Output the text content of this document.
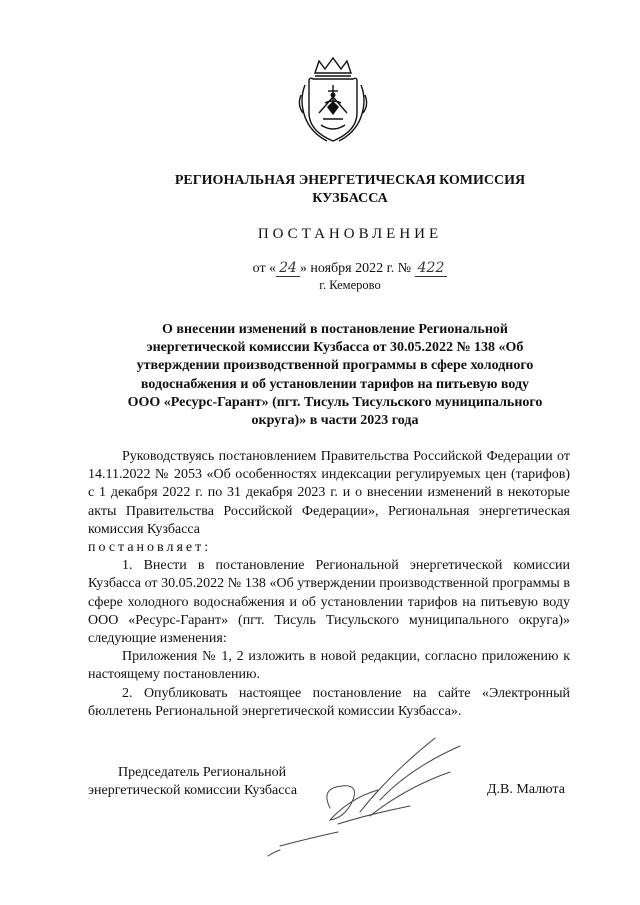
РЕГИОНАЛЬНАЯ ЭНЕРГЕТИЧЕСКАЯ КОМИССИЯ
КУЗБАССА
ПОСТАНОВЛЕНИЕ
от « 24 » ноября 2022 г. № 422
г. Кемерово
О внесении изменений в постановление Региональной
энергетической комиссии Кузбасса от 30.05.2022 № 138 «Об
утверждении производственной программы в сфере холодного
водоснабжения и об установлении тарифов на питьевую воду
ООО «Ресурс-Гарант» (пгт. Тисуль Тисульского муниципального
округа)» в части 2023 года

Руководствуясь постановлением Правительства Российской Федерации от 14.11.2022 № 2053 «Об особенностях индексации регулируемых цен (тарифов) с 1 декабря 2022 г. по 31 декабря 2023 г. и о внесении изменений в некоторые акты Правительства Российской Федерации», Региональная энергетическая комиссия Кузбасса

постановляет:

1. Внести в постановление Региональной энергетической комиссии Кузбасса от 30.05.2022 № 138 «Об утверждении производственной программы в сфере холодного водоснабжения и об установлении тарифов на питьевую воду ООО «Ресурс-Гарант» (пгт. Тисуль Тисульского муниципального округа)» следующие изменения:

Приложения № 1, 2 изложить в новой редакции, согласно приложению к настоящему постановлению.

2. Опубликовать настоящее постановление на сайте «Электронный бюллетень Региональной энергетической комиссии Кузбасса».

Председатель Региональной
энергетической комиссии Кузбасса	Д.В. Малюта
